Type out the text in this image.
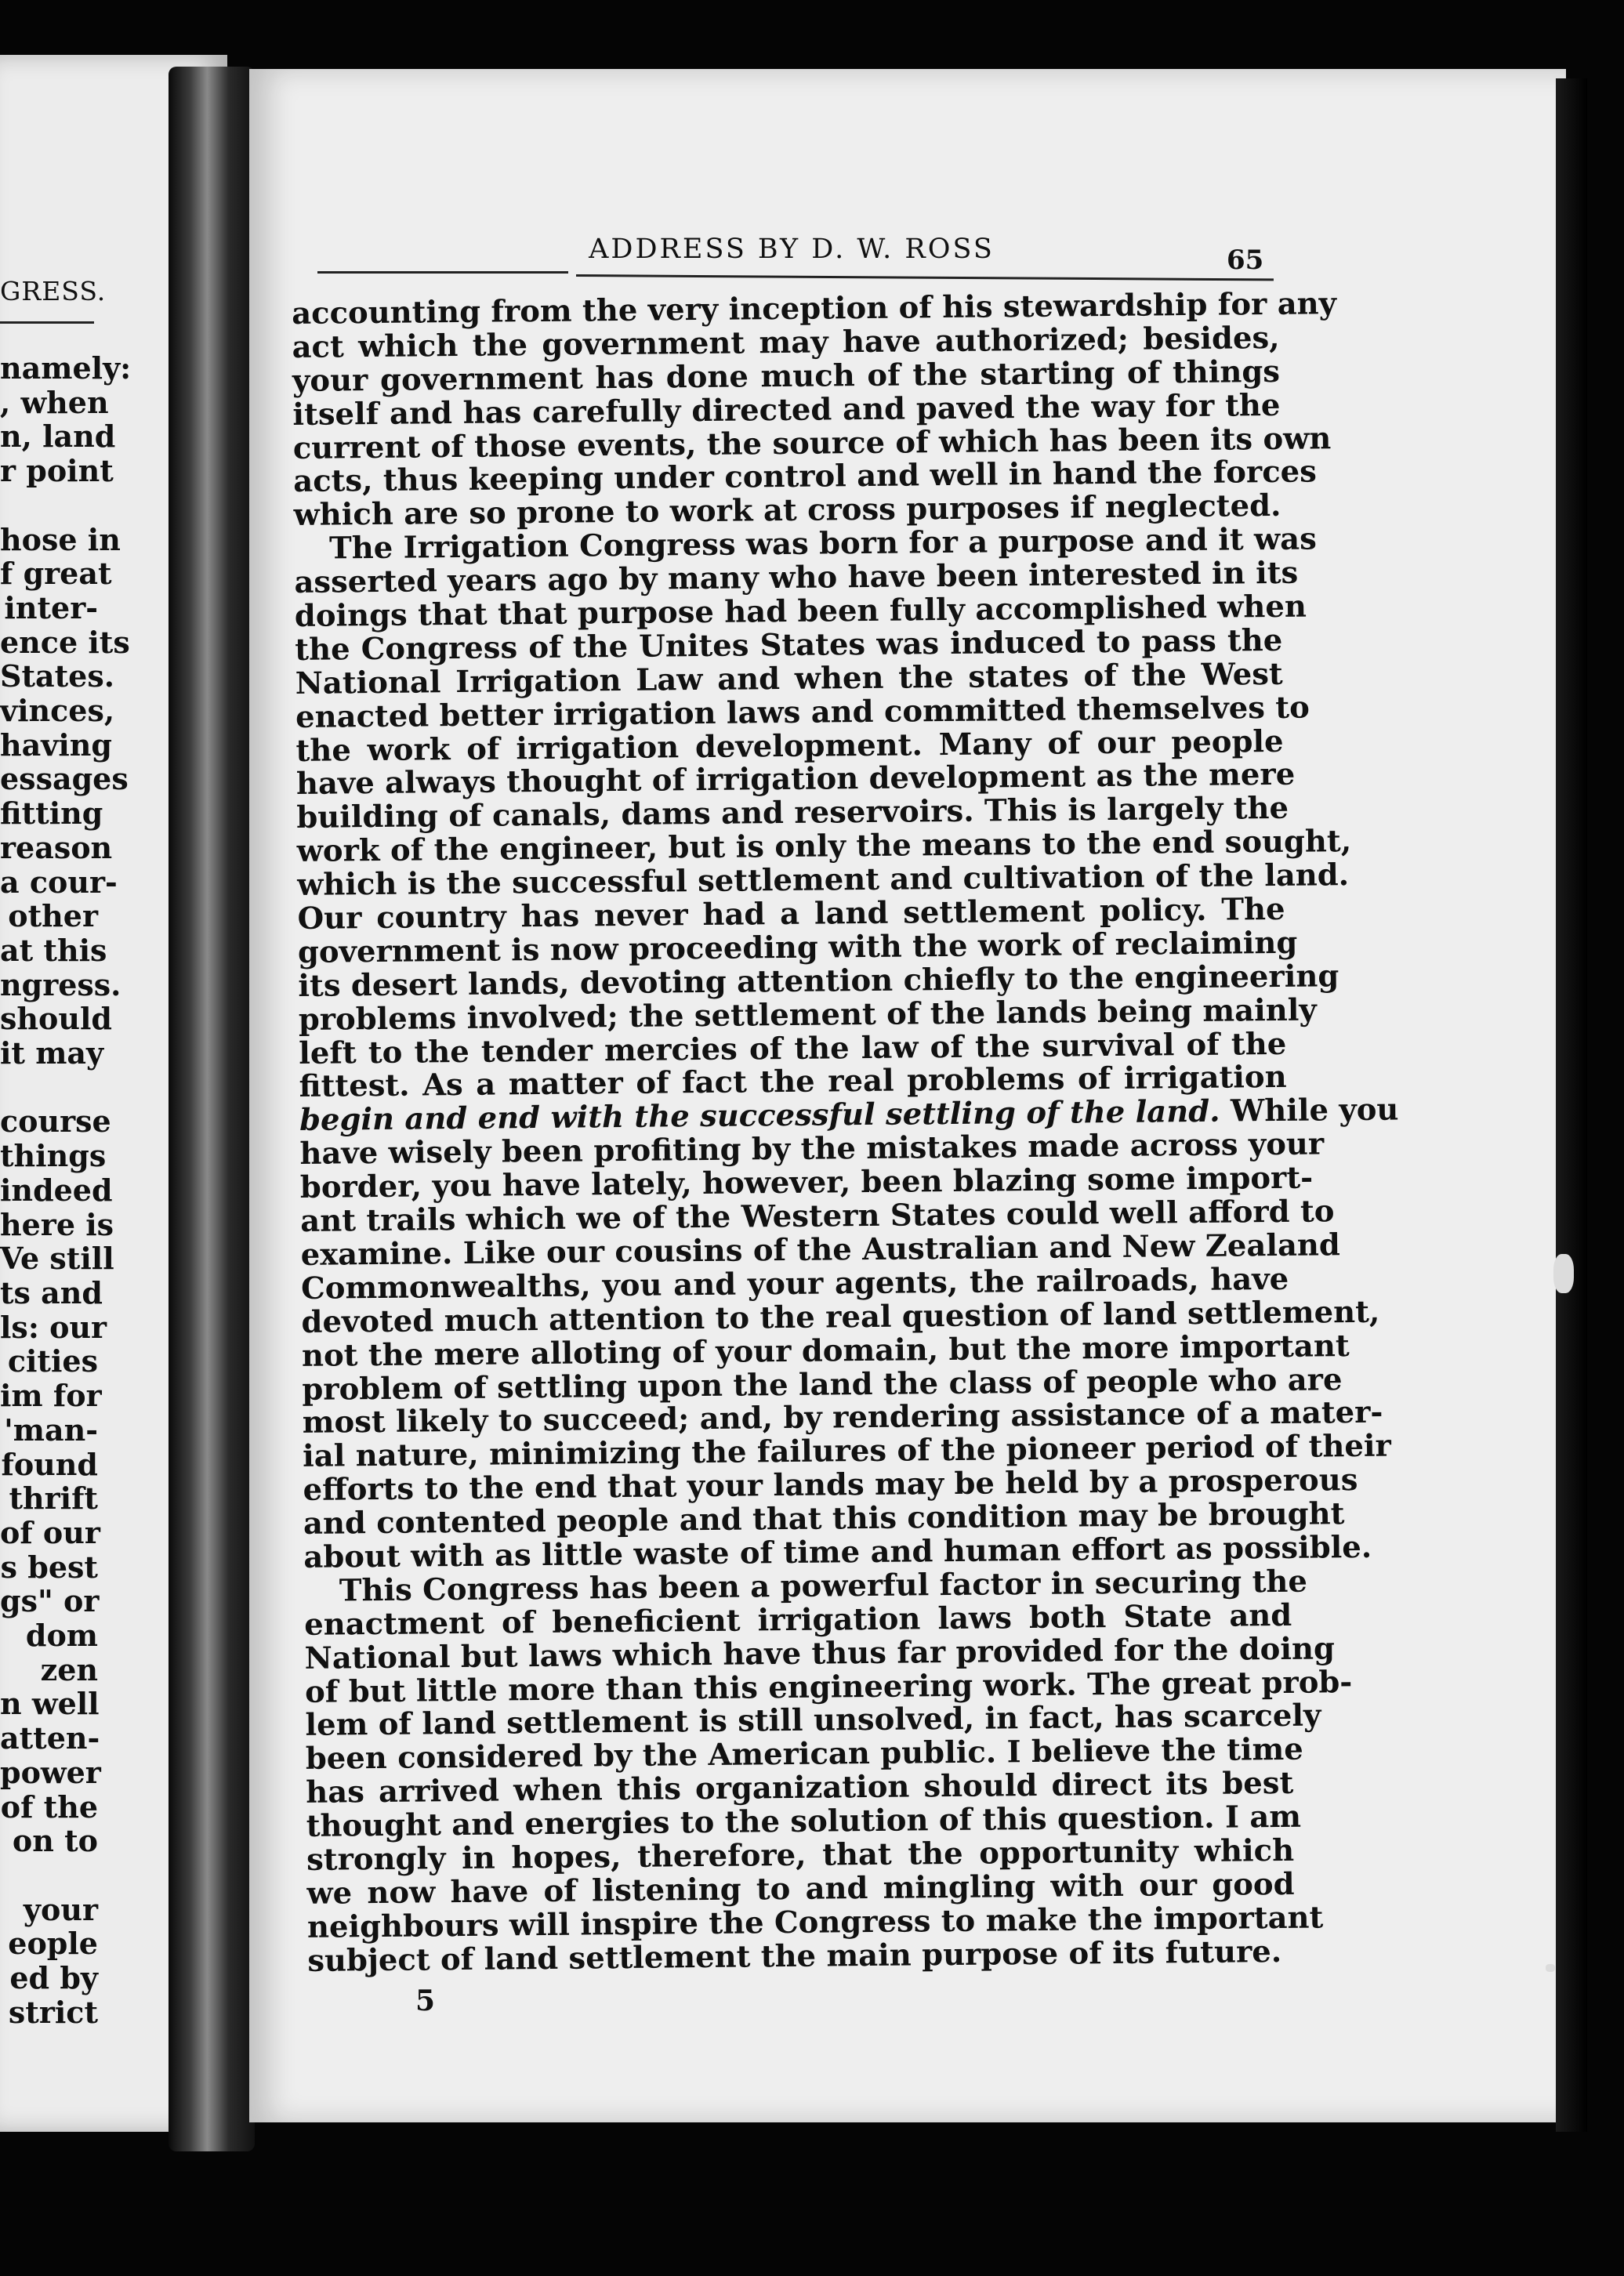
GRESS.
namely:
, when
n, land
r point

hose in
f great
inter-
ence its
States.
vinces,
having
essages
fitting
reason
a cour-
other
at this
ngress.
should
it may

course
things
indeed
here is
Ve still
ts and
ls: our
cities
im for
'man-
found
thrift
of our
s best
gs" or
dom
zen
n well
atten-
power
of the
on to

your
eople
ed by
strict
ADDRESS BY D. W. ROSS	65
accounting from the very inception of his stewardship for any
act which the government may have authorized; besides,
your government has done much of the starting of things
itself and has carefully directed and paved the way for the
current of those events, the source of which has been its own
acts, thus keeping under control and well in hand the forces
which are so prone to work at cross purposes if neglected.
The Irrigation Congress was born for a purpose and it was
asserted years ago by many who have been interested in its
doings that that purpose had been fully accomplished when
the Congress of the Unites States was induced to pass the
National Irrigation Law and when the states of the West
enacted better irrigation laws and committed themselves to
the work of irrigation development. Many of our people
have always thought of irrigation development as the mere
building of canals, dams and reservoirs. This is largely the
work of the engineer, but is only the means to the end sought,
which is the successful settlement and cultivation of the land.
Our country has never had a land settlement policy. The
government is now proceeding with the work of reclaiming
its desert lands, devoting attention chiefly to the engineering
problems involved; the settlement of the lands being mainly
left to the tender mercies of the law of the survival of the
fittest. As a matter of fact the real problems of irrigation
begin and end with the successful settling of the land. While you
have wisely been profiting by the mistakes made across your
border, you have lately, however, been blazing some import-
ant trails which we of the Western States could well afford to
examine. Like our cousins of the Australian and New Zealand
Commonwealths, you and your agents, the railroads, have
devoted much attention to the real question of land settlement,
not the mere alloting of your domain, but the more important
problem of settling upon the land the class of people who are
most likely to succeed; and, by rendering assistance of a mater-
ial nature, minimizing the failures of the pioneer period of their
efforts to the end that your lands may be held by a prosperous
and contented people and that this condition may be brought
about with as little waste of time and human effort as possible.
This Congress has been a powerful factor in securing the
enactment of beneficient irrigation laws both State and
National but laws which have thus far provided for the doing
of but little more than this engineering work. The great prob-
lem of land settlement is still unsolved, in fact, has scarcely
been considered by the American public. I believe the time
has arrived when this organization should direct its best
thought and energies to the solution of this question. I am
strongly in hopes, therefore, that the opportunity which
we now have of listening to and mingling with our good
neighbours will inspire the Congress to make the important
subject of land settlement the main purpose of its future.
5
